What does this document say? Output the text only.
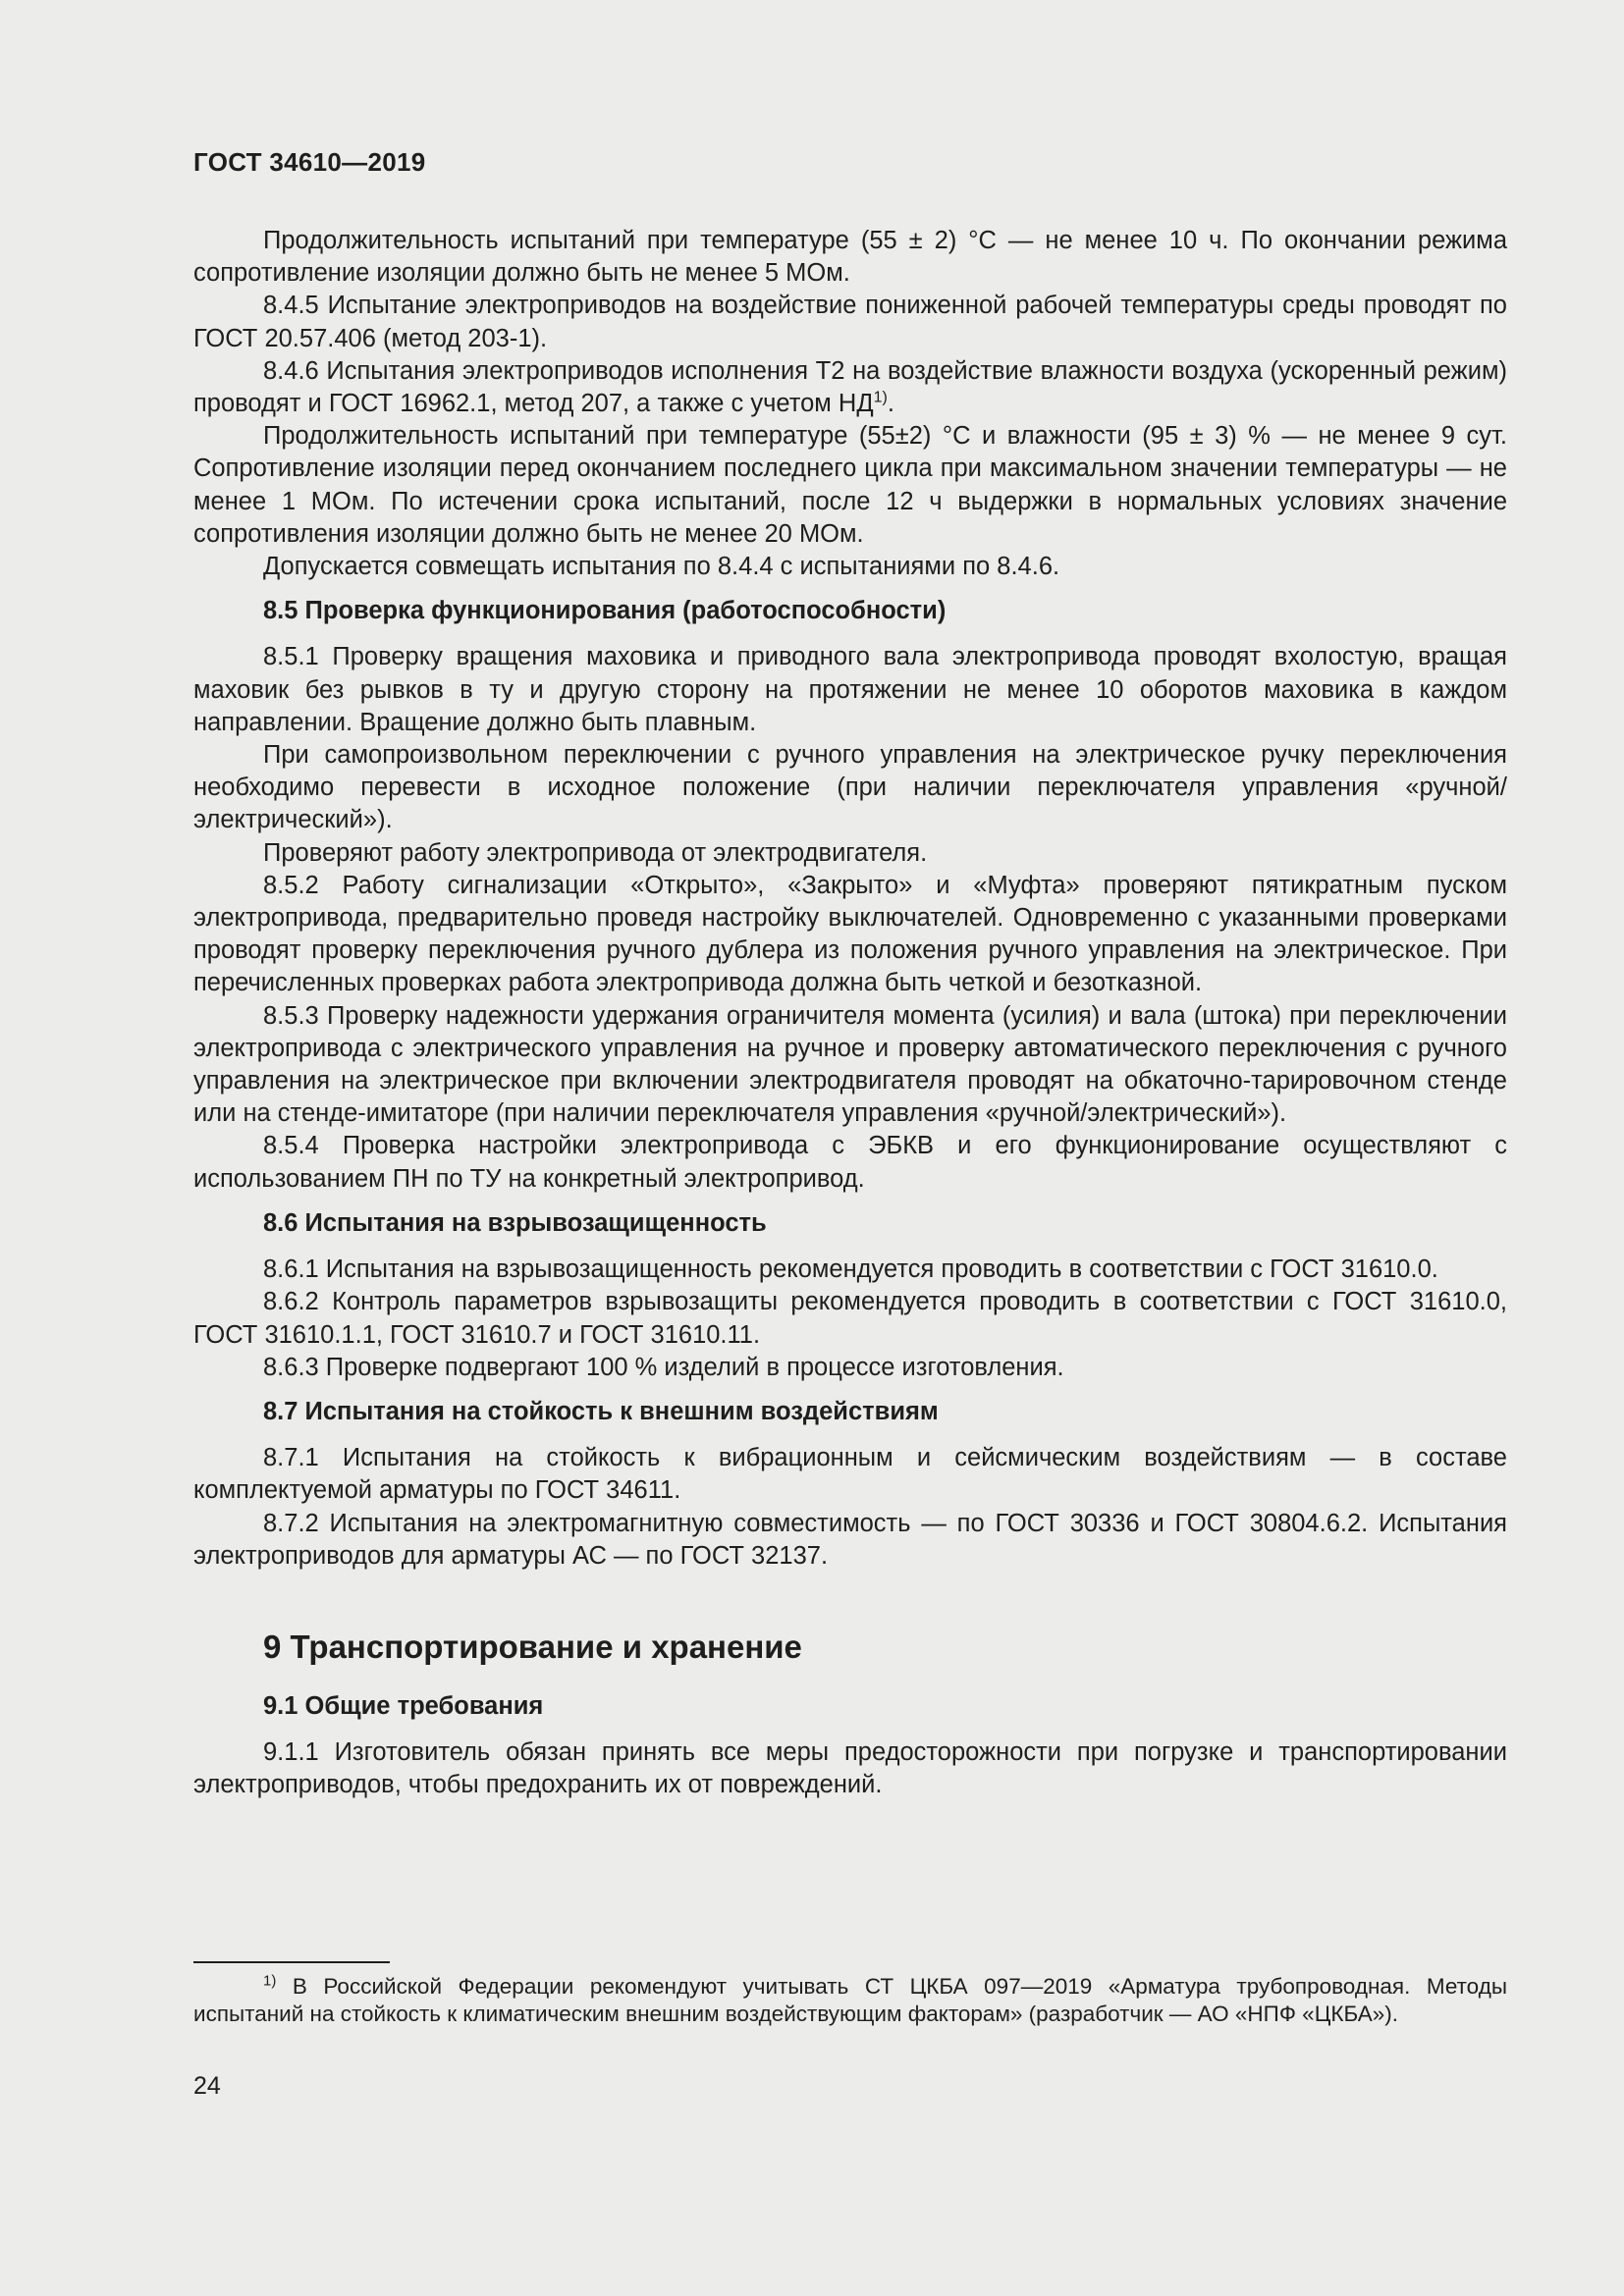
ГОСТ 34610—2019

Продолжительность испытаний при температуре (55 ± 2) °С — не менее 10 ч. По окончании режима сопротивление изоляции должно быть не менее 5 МОм.

8.4.5 Испытание электроприводов на воздействие пониженной рабочей температуры среды проводят по ГОСТ 20.57.406 (метод 203-1).

8.4.6 Испытания электроприводов исполнения Т2 на воздействие влажности воздуха (ускоренный режим) проводят и ГОСТ 16962.1, метод 207, а также с учетом НД$^{1)}$.

Продолжительность испытаний при температуре (55±2) °С и влажности (95 ± 3) % — не менее 9 сут. Сопротивление изоляции перед окончанием последнего цикла при максимальном значении температуры — не менее 1 МОм. По истечении срока испытаний, после 12 ч выдержки в нормальных условиях значение сопротивления изоляции должно быть не менее 20 МОм.

Допускается совмещать испытания по 8.4.4 с испытаниями по 8.4.6.

8.5 Проверка функционирования (работоспособности)

8.5.1 Проверку вращения маховика и приводного вала электропривода проводят вхолостую, вращая маховик без рывков в ту и другую сторону на протяжении не менее 10 оборотов маховика в каждом направлении. Вращение должно быть плавным.

При самопроизвольном переключении с ручного управления на электрическое ручку переключения необходимо перевести в исходное положение (при наличии переключателя управления «ручной/электрический»).

Проверяют работу электропривода от электродвигателя.

8.5.2 Работу сигнализации «Открыто», «Закрыто» и «Муфта» проверяют пятикратным пуском электропривода, предварительно проведя настройку выключателей. Одновременно с указанными проверками проводят проверку переключения ручного дублера из положения ручного управления на электрическое. При перечисленных проверках работа электропривода должна быть четкой и безотказной.

8.5.3 Проверку надежности удержания ограничителя момента (усилия) и вала (штока) при переключении электропривода с электрического управления на ручное и проверку автоматического переключения с ручного управления на электрическое при включении электродвигателя проводят на обкаточно-тарировочном стенде или на стенде-имитаторе (при наличии переключателя управления «ручной/электрический»).

8.5.4 Проверка настройки электропривода с ЭБКВ и его функционирование осуществляют с использованием ПН по ТУ на конкретный электропривод.

8.6 Испытания на взрывозащищенность

8.6.1 Испытания на взрывозащищенность рекомендуется проводить в соответствии с ГОСТ 31610.0.

8.6.2 Контроль параметров взрывозащиты рекомендуется проводить в соответствии с ГОСТ 31610.0, ГОСТ 31610.1.1, ГОСТ 31610.7 и ГОСТ 31610.11.

8.6.3 Проверке подвергают 100 % изделий в процессе изготовления.

8.7 Испытания на стойкость к внешним воздействиям

8.7.1 Испытания на стойкость к вибрационным и сейсмическим воздействиям — в составе комплектуемой арматуры по ГОСТ 34611.

8.7.2 Испытания на электромагнитную совместимость — по ГОСТ 30336 и ГОСТ 30804.6.2. Испытания электроприводов для арматуры АС — по ГОСТ 32137.

9 Транспортирование и хранение

9.1 Общие требования

9.1.1 Изготовитель обязан принять все меры предосторожности при погрузке и транспортировании электроприводов, чтобы предохранить их от повреждений.

$^{1)}$ В Российской Федерации рекомендуют учитывать СТ ЦКБА 097—2019 «Арматура трубопроводная. Методы испытаний на стойкость к климатическим внешним воздействующим факторам» (разработчик — АО «НПФ «ЦКБА»).
24
